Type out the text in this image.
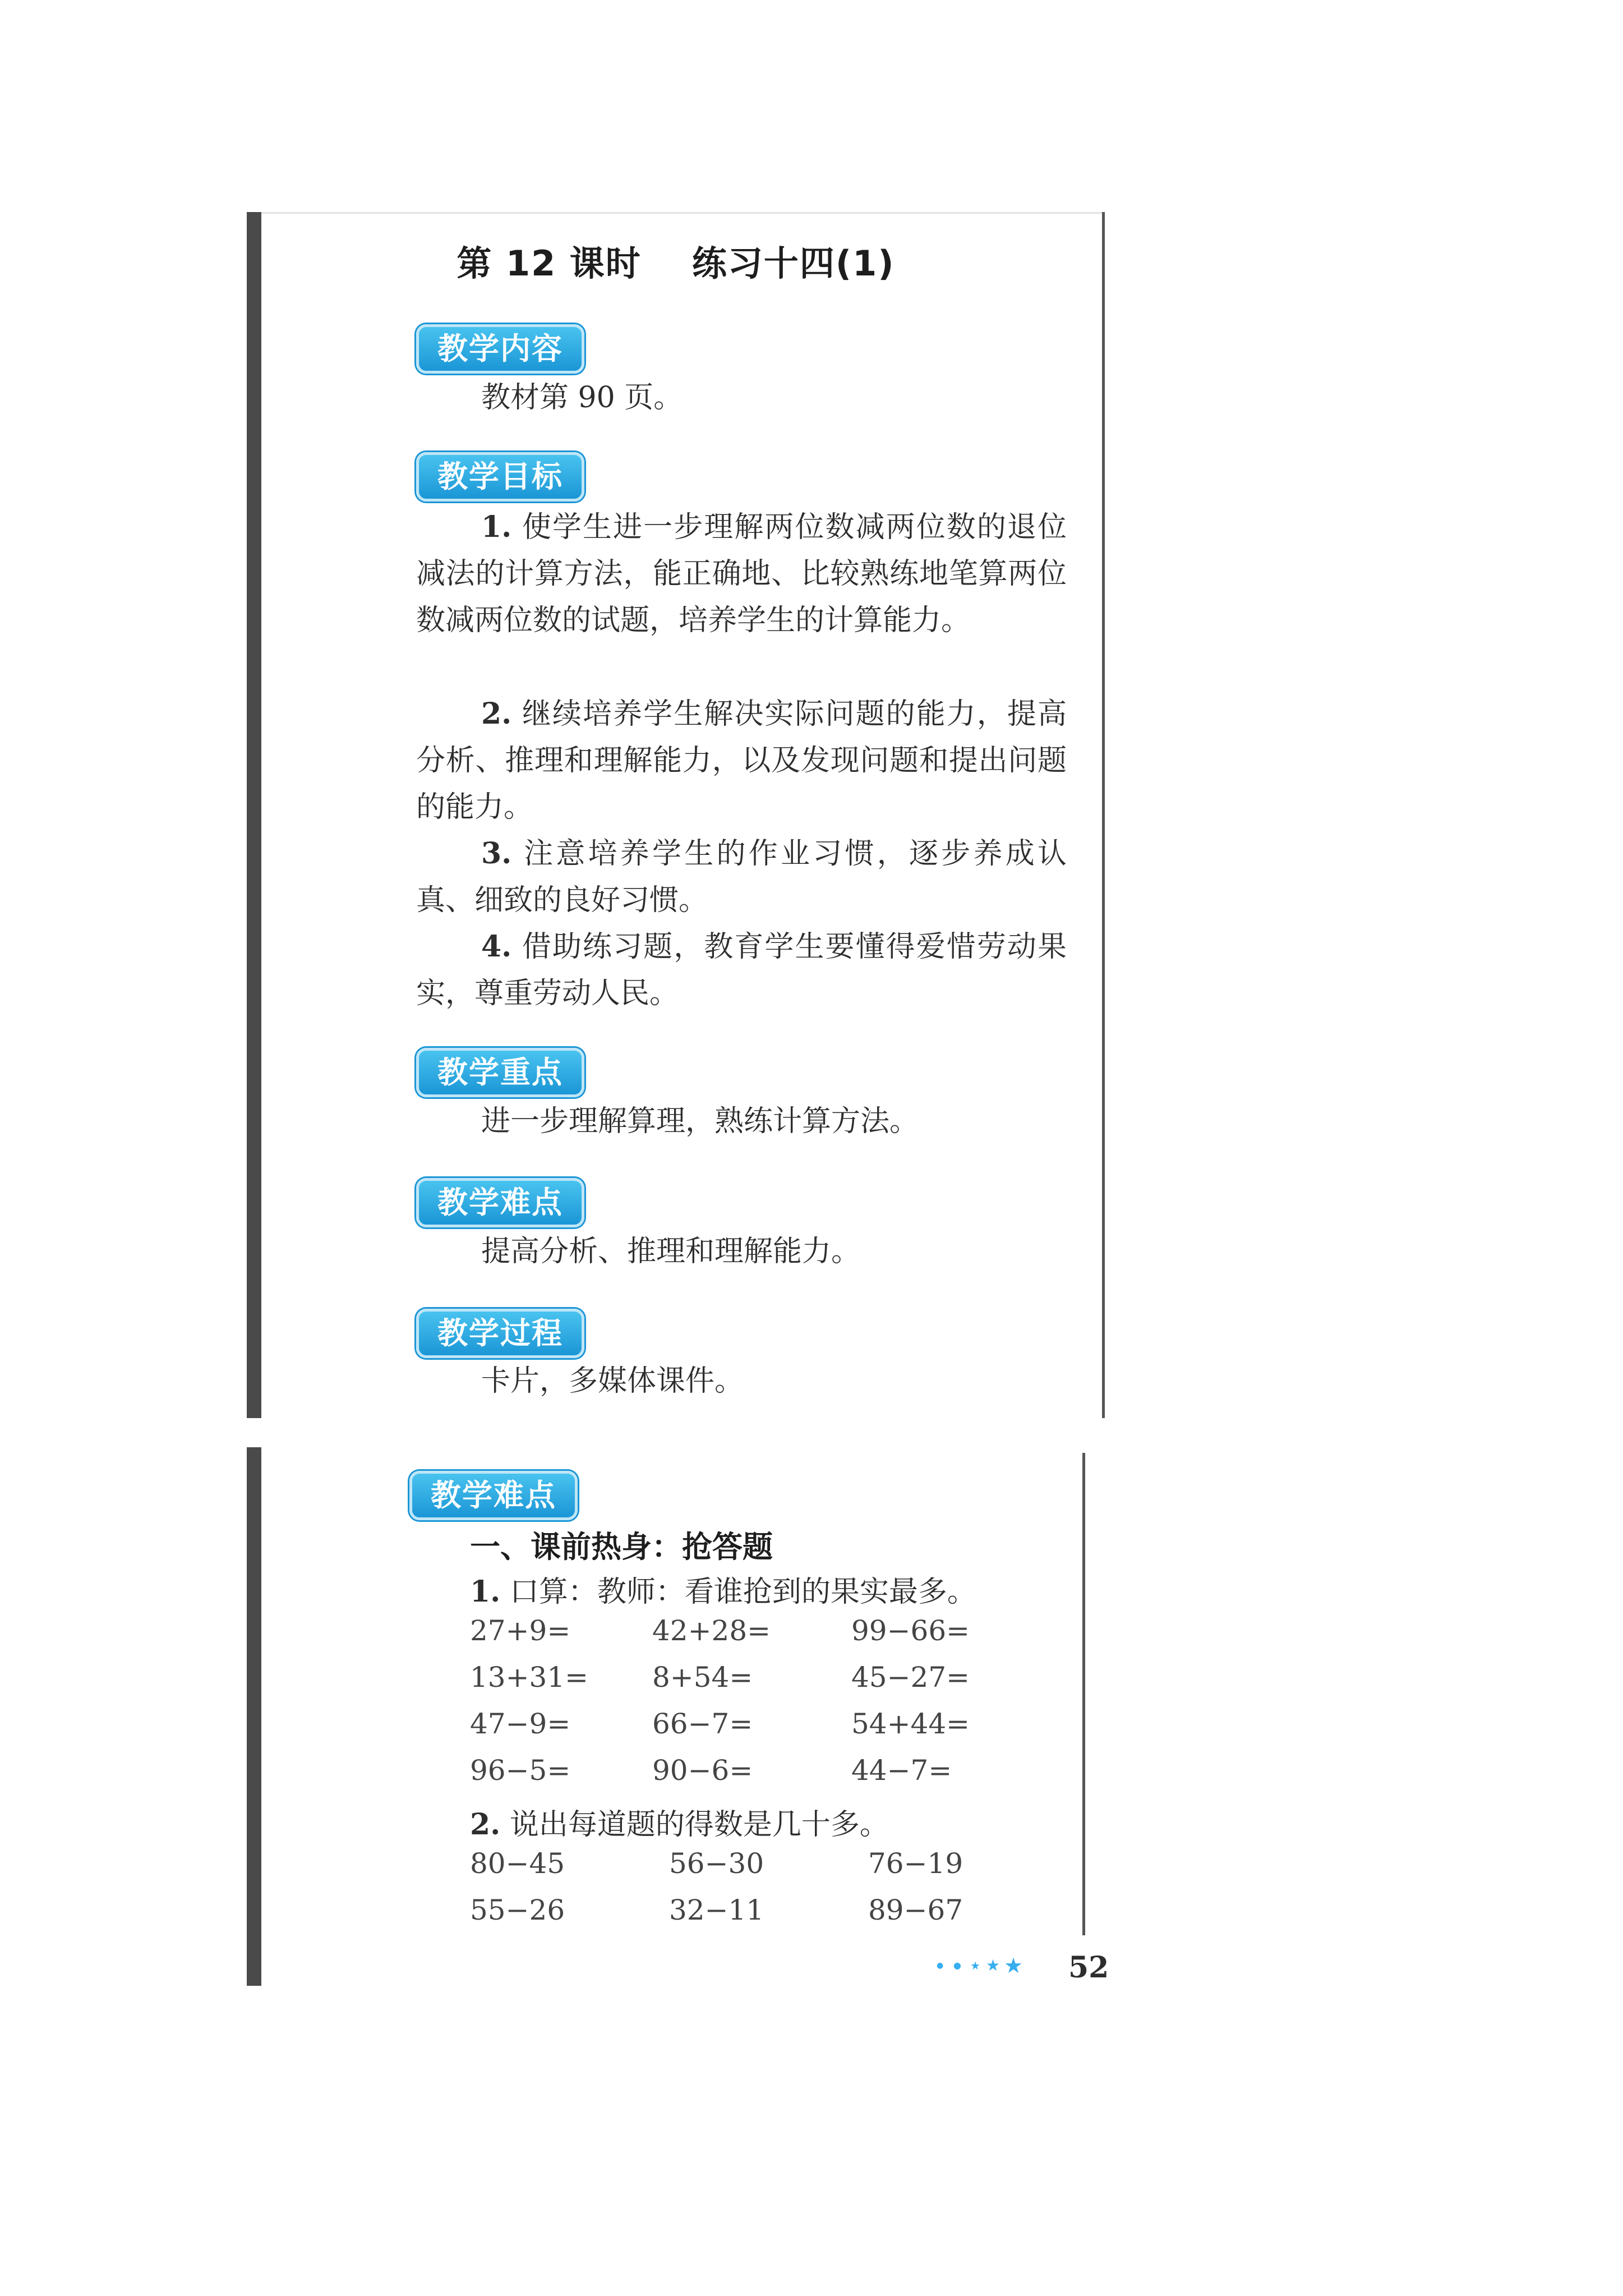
第 12 课时 练习十四(1)
教学内容
教材第 90 页。
教学目标
1. 使学生进一步理解两位数减两位数的退位减法的计算方法，能正确地、比较熟练地笔算两位数减两位数的试题，培养学生的计算能力。
2. 继续培养学生解决实际问题的能力，提高分析、推理和理解能力，以及发现问题和提出问题的能力。
3. 注意培养学生的作业习惯，逐步养成认真、细致的良好习惯。
4. 借助练习题，教育学生要懂得爱惜劳动果实，尊重劳动人民。
教学重点
进一步理解算理，熟练计算方法。
教学难点
提高分析、推理和理解能力。
教学过程
卡片，多媒体课件。
教学难点
一、课前热身：抢答题
1. 口算：教师：看谁抢到的果实最多。
27+9=	42+28=	99−66=
13+31= 8+54=	45−27=
47−9=	66−7=	54+44=
96−5=	90−6=	44−7=
2. 说出每道题的得数是几十多。
80−45	56−30	76−19
55−26	32−11	89−67
● ● ★ ★ ★ 52
